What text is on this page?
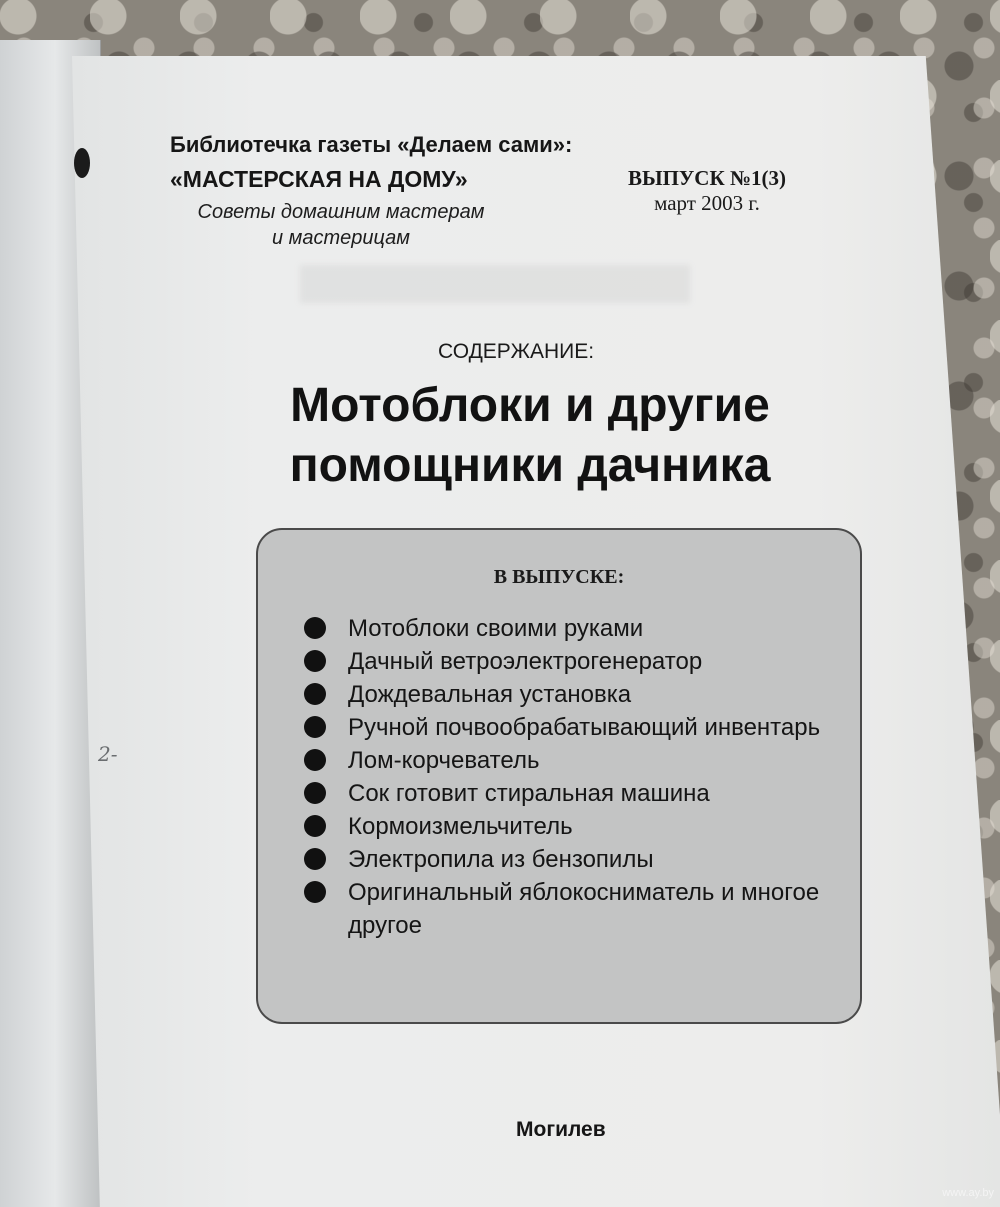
2-
Библиотечка газеты «Делаем сами»:
«МАСТЕРСКАЯ НА ДОМУ»
Советы домашним мастерам и мастерицам
ВЫПУСК №1(3)
март 2003 г.
СОДЕРЖАНИЕ:
Мотоблоки и другие помощники дачника
В ВЫПУСКЕ:
Мотоблоки своими руками
Дачный ветроэлектрогенератор
Дождевальная установка
Ручной почвообрабатывающий инвентарь
Лом-корчеватель
Сок готовит стиральная машина
Кормоизмельчитель
Электропила из бензопилы
Оригинальный яблокосниматель и многое другое
Могилев
www.ay.by
